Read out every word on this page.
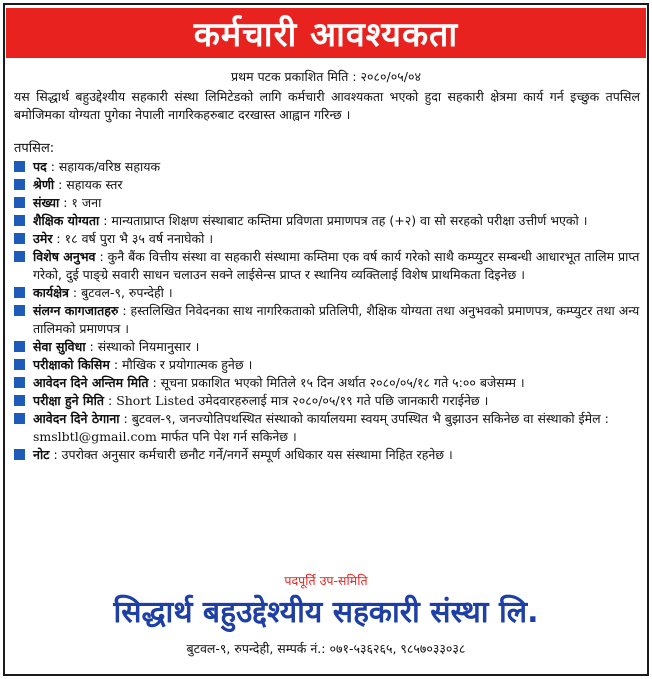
कर्मचारी आवश्यकता
प्रथम पटक प्रकाशित मिति : २०८०/०५/०४
यस सिद्धार्थ बहुउद्देश्यीय सहकारी संस्था लिमिटेडको लागि कर्मचारी आवश्यकता भएको हुदा सहकारी क्षेत्रमा कार्य गर्न इच्छुक तपसिल बमोजिमका योग्यता पुगेका नेपाली नागरिकहरुबाट दरखास्त आह्वान गरिन्छ ।
तपसिल:
पद : सहायक/वरिष्ठ सहायक
श्रेणी : सहायक स्तर
संख्या : १ जना
शैक्षिक योग्यता : मान्यताप्राप्त शिक्षण संस्थाबाट कम्तिमा प्रविणता प्रमाणपत्र तह (+२) वा सो सरहको परीक्षा उत्तीर्ण भएको ।
उमेर : १८ वर्ष पुरा भै ३५ वर्ष ननाघेको ।
विशेष अनुभव : कुनै बैंक वित्तीय संस्था वा सहकारी संस्थामा कम्तिमा एक वर्ष कार्य गरेको साथै कम्प्युटर सम्बन्धी आधारभूत तालिम प्राप्त गरेको, दुई पाङ्ग्रे सवारी साधन चलाउन सक्ने लाईसेन्स प्राप्त र स्थानिय व्यक्तिलाई विशेष प्राथमिकता दिइनेछ ।
कार्यक्षेत्र : बुटवल-९, रुपन्देही ।
संलग्न कागजातहरु : हस्तलिखित निवेदनका साथ नागरिकताको प्रतिलिपी, शैक्षिक योग्यता तथा अनुभवको प्रमाणपत्र, कम्प्युटर तथा अन्य तालिमको प्रमाणपत्र ।
सेवा सुविधा : संस्थाको नियमानुसार ।
परीक्षाको किसिम : मौखिक र प्रयोगात्मक हुनेछ ।
आवेदन दिने अन्तिम मिति : सूचना प्रकाशित भएको मितिले १५ दिन अर्थात २०८०/०५/१८ गते ५:०० बजेसम्म ।
परीक्षा हुने मिति : Short Listed उमेदवारहरुलाई मात्र २०८०/०५/१९ गते पछि जानकारी गराईनेछ ।
आवेदन दिने ठेगाना : बुटवल-९, जनज्योतिपथस्थित संस्थाको कार्यालयमा स्वयम् उपस्थित भै बुझाउन सकिनेछ वा संस्थाको ईमेल : smslbtl@gmail.com मार्फत पनि पेश गर्न सकिनेछ ।
नोट : उपरोक्त अनुसार कर्मचारी छनौट गर्ने/नगर्ने सम्पूर्ण अधिकार यस संस्थामा निहित रहनेछ ।
पदपूर्ति उप-समिति
सिद्धार्थ बहुउद्देश्यीय सहकारी संस्था लि.
बुटवल-९, रुपन्देही, सम्पर्क नं.: ०७१-५३६२६५, ९८५७०३३०३८
